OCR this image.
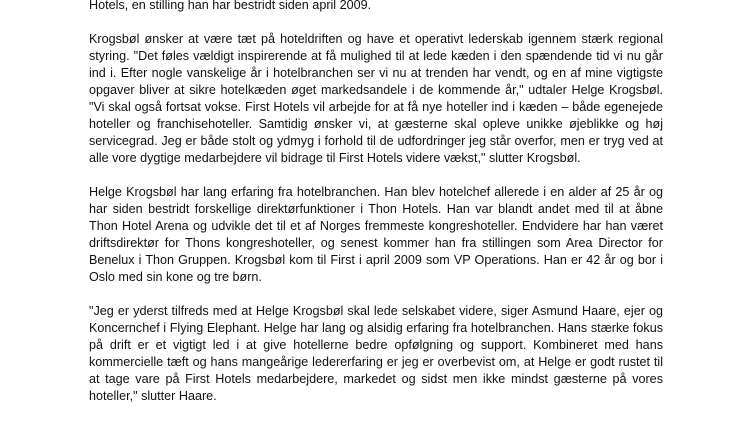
Hotels, en stilling han har bestridt siden april 2009.

Krogsbøl ønsker at være tæt på hoteldriften og have et operativt lederskab igennem stærk regional styring. "Det føles vældigt inspirerende at få mulighed til at lede kæden i den spændende tid vi nu går ind i. Efter nogle vanskelige år i hotelbranchen ser vi nu at trenden har vendt, og en af mine vigtigste opgaver bliver at sikre hotelkæden øget markedsandele i de kommende år," udtaler Helge Krogsbøl. "Vi skal også fortsat vokse. First Hotels vil arbejde for at få nye hoteller ind i kæden – både egenejede hoteller og franchisehoteller. Samtidig ønsker vi, at gæsterne skal opleve unikke øjeblikke og høj servicegrad. Jeg er både stolt og ydmyg i forhold til de udfordringer jeg står overfor, men er tryg ved at alle vore dygtige medarbejdere vil bidrage til First Hotels videre vækst," slutter Krogsbøl.

Helge Krogsbøl har lang erfaring fra hotelbranchen. Han blev hotelchef allerede i en alder af 25 år og har siden bestridt forskellige direktørfunktioner i Thon Hotels. Han var blandt andet med til at åbne Thon Hotel Arena og udvikle det til et af Norges fremmeste kongreshoteller. Endvidere har han været driftsdirektør for Thons kongreshoteller, og senest kommer han fra stillingen som Area Director for Benelux i Thon Gruppen. Krogsbøl kom til First i april 2009 som VP Operations. Han er 42 år og bor i Oslo med sin kone og tre børn.

"Jeg er yderst tilfreds med at Helge Krogsbøl skal lede selskabet videre, siger Asmund Haare, ejer og Koncernchef i Flying Elephant. Helge har lang og alsidig erfaring fra hotelbranchen. Hans stærke fokus på drift er et vigtigt led i at give hotellerne bedre opfølgning og support. Kombineret med hans kommercielle tæft og hans mangeårige ledererfaring er jeg er overbevist om, at Helge er godt rustet til at tage vare på First Hotels medarbejdere, markedet og sidst men ikke mindst gæsterne på vores hoteller," slutter Haare.
